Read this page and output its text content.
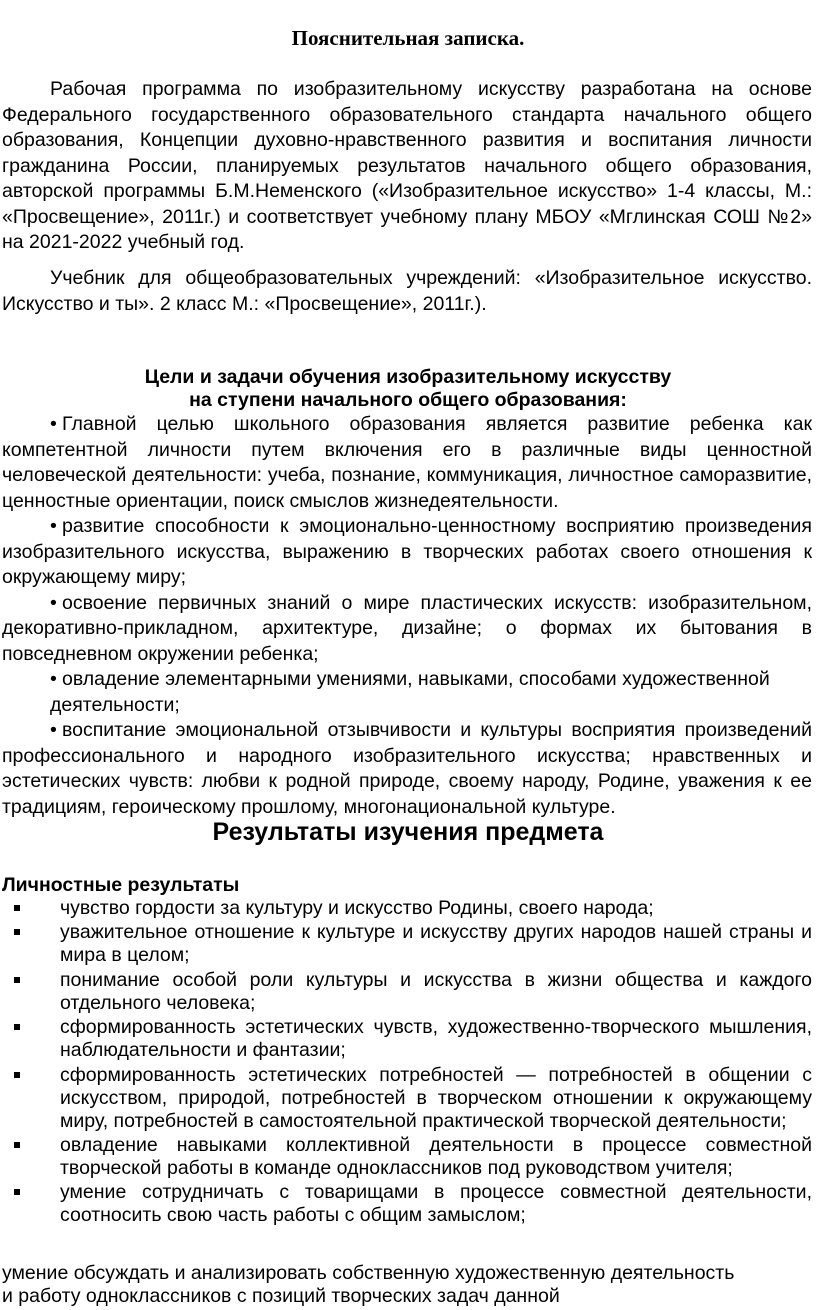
Пояснительная записка.

Рабочая программа по изобразительному искусству разработана на основе Федерального государственного образовательного стандарта начального общего образования, Концепции духовно-нравственного развития и воспитания личности гражданина России, планируемых результатов начального общего образования, авторской программы Б.М.Неменского («Изобразительное искусство» 1-4 классы, М.: «Просвещение», 2011г.) и соответствует учебному плану МБОУ «Мглинская СОШ №2» на 2021-2022 учебный год.

Учебник для общеобразовательных учреждений: «Изобразительное искусство. Искусство и ты». 2 класс М.: «Просвещение», 2011г.).

Цели и задачи обучения изобразительному искусству
на ступени начального общего образования:
• Главной целью школьного образования является развитие ребенка как компетентной личности путем включения его в различные виды ценностной человеческой деятельности: учеба, познание, коммуникация, личностное саморазвитие, ценностные ориентации, поиск смыслов жизнедеятельности.
• развитие способности к эмоционально-ценностному восприятию произведения изобразительного искусства, выражению в творческих работах своего отношения к окружающему миру;
• освоение первичных знаний о мире пластических искусств: изобразительном, декоративно-прикладном, архитектуре, дизайне; о формах их бытования в повседневном окружении ребенка;
• овладение элементарными умениями, навыками, способами художественной деятельности;
• воспитание эмоциональной отзывчивости и культуры восприятия произведений профессионального и народного изобразительного искусства; нравственных и эстетических чувств: любви к родной природе, своему народу, Родине, уважения к ее традициям, героическому прошлому, многонациональной культуре.
Результаты изучения предмета
Личностные результаты
чувство гордости за культуру и искусство Родины, своего народа;
уважительное отношение к культуре и искусству других народов нашей страны и мира в целом;
понимание особой роли культуры и искусства в жизни общества и каждого отдельного человека;
сформированность эстетических чувств, художественно-творческого мышления, наблюдательности и фантазии;
сформированность эстетических потребностей — потребностей в общении с искусством, природой, потребностей в творческом отношении к окружающему миру, потребностей в самостоятельной практической творческой деятельности;
овладение навыками коллективной деятельности в процессе совместной творческой работы в команде одноклассников под руководством учителя;
умение сотрудничать с товарищами в процессе совместной деятельности, соотносить свою часть работы с общим замыслом;

умение обсуждать и анализировать собственную художественную деятельность
и работу одноклассников с позиций творческих задач данной
